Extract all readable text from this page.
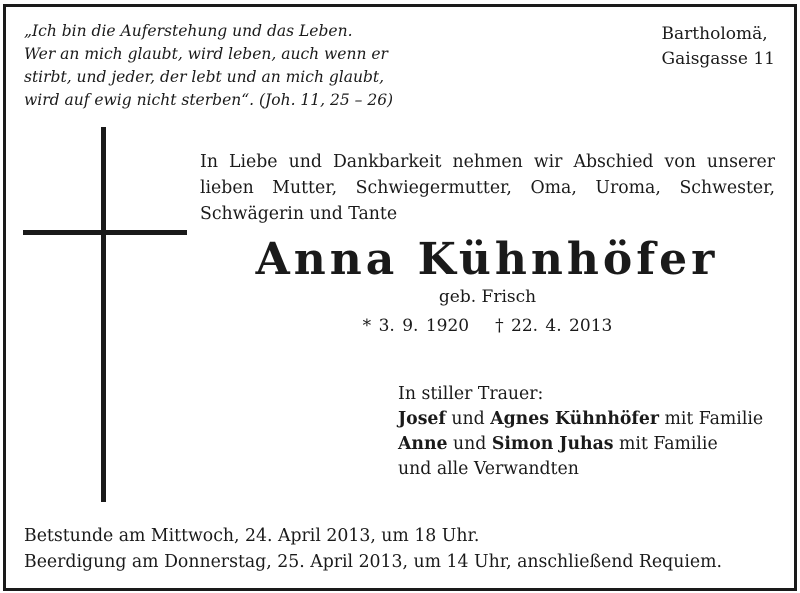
„Ich bin die Auferstehung und das Leben.
Wer an mich glaubt, wird leben, auch wenn er
stirbt, und jeder, der lebt und an mich glaubt,
wird auf ewig nicht sterben“. (Joh. 11, 25 – 26)
Bartholomä,
Gaisgasse 11
In Liebe und Dankbarkeit nehmen wir Abschied von unserer
lieben Mutter, Schwiegermutter, Oma, Uroma, Schwester,
Schwägerin und Tante
Anna Kühnhöfer
geb. Frisch
* 3. 9. 1920 † 22. 4. 2013
In stiller Trauer:
Josef und Agnes Kühnhöfer mit Familie
Anne und Simon Juhas mit Familie
und alle Verwandten
Betstunde am Mittwoch, 24. April 2013, um 18 Uhr.
Beerdigung am Donnerstag, 25. April 2013, um 14 Uhr, anschließend Requiem.
